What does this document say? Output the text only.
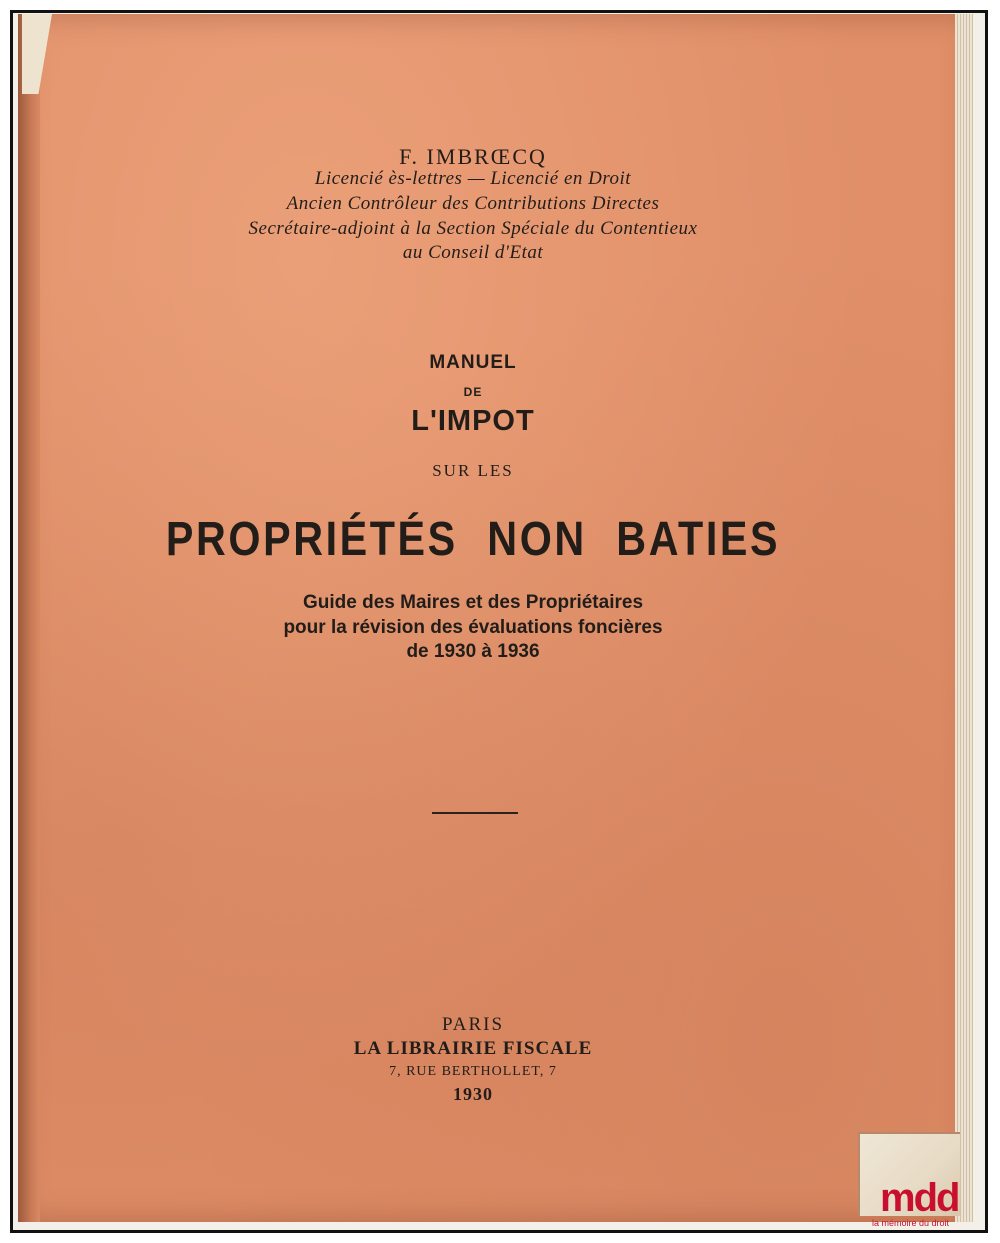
F. IMBRŒCQ

Licencié ès-lettres — Licencié en Droit

Ancien Contrôleur des Contributions Directes

Secrétaire-adjoint à la Section Spéciale du Contentieux

au Conseil d'Etat

MANUEL

DE

L'IMPOT

SUR LES

PROPRIÉTÉS NON BATIES

Guide des Maires et des Propriétaires

pour la révision des évaluations foncières

de 1930 à 1936

PARIS

LA LIBRAIRIE FISCALE

7, RUE BERTHOLLET, 7

1930

mdd
la mémoire du droit
